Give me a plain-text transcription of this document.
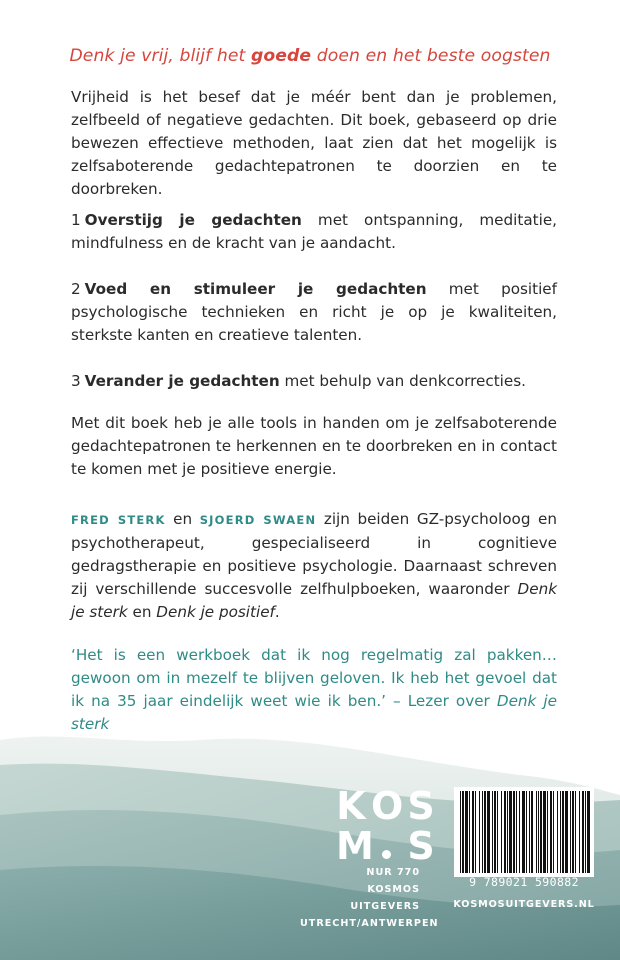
Denk je vrij, blijf het goede doen en het beste oogsten

Vrijheid is het besef dat je méér bent dan je problemen, zelfbeeld of negatieve gedachten. Dit boek, gebaseerd op drie bewezen effectieve methoden, laat zien dat het mogelijk is zelfsaboterende gedachtepatronen te doorzien en te doorbreken.

1 Overstijg je gedachten met ontspanning, meditatie, mindfulness en de kracht van je aandacht.

2 Voed en stimuleer je gedachten met positief psychologische technieken en richt je op je kwaliteiten, sterkste kanten en creatieve talenten.

3 Verander je gedachten met behulp van denkcorrecties.

Met dit boek heb je alle tools in handen om je zelfsaboterende gedachtepatronen te herkennen en te doorbreken en in contact te komen met je positieve energie.

FRED STERK en SJOERD SWAEN zijn beiden GZ-psycholoog en psychotherapeut, gespecialiseerd in cognitieve gedragstherapie en positieve psychologie. Daarnaast schreven zij verschillende succesvolle zelfhulpboeken, waaronder Denk je sterk en Denk je positief.

‘Het is een werkboek dat ik nog regelmatig zal pakken… gewoon om in mezelf te blijven geloven. Ik heb het gevoel dat ik na 35 jaar eindelijk weet wie ik ben.’ – Lezer over Denk je sterk

K O S
M S
NUR 770
KOSMOS UITGEVERS
UTRECHT/ANTWERPEN
9 789021 590882
KOSMOSUITGEVERS.NL
